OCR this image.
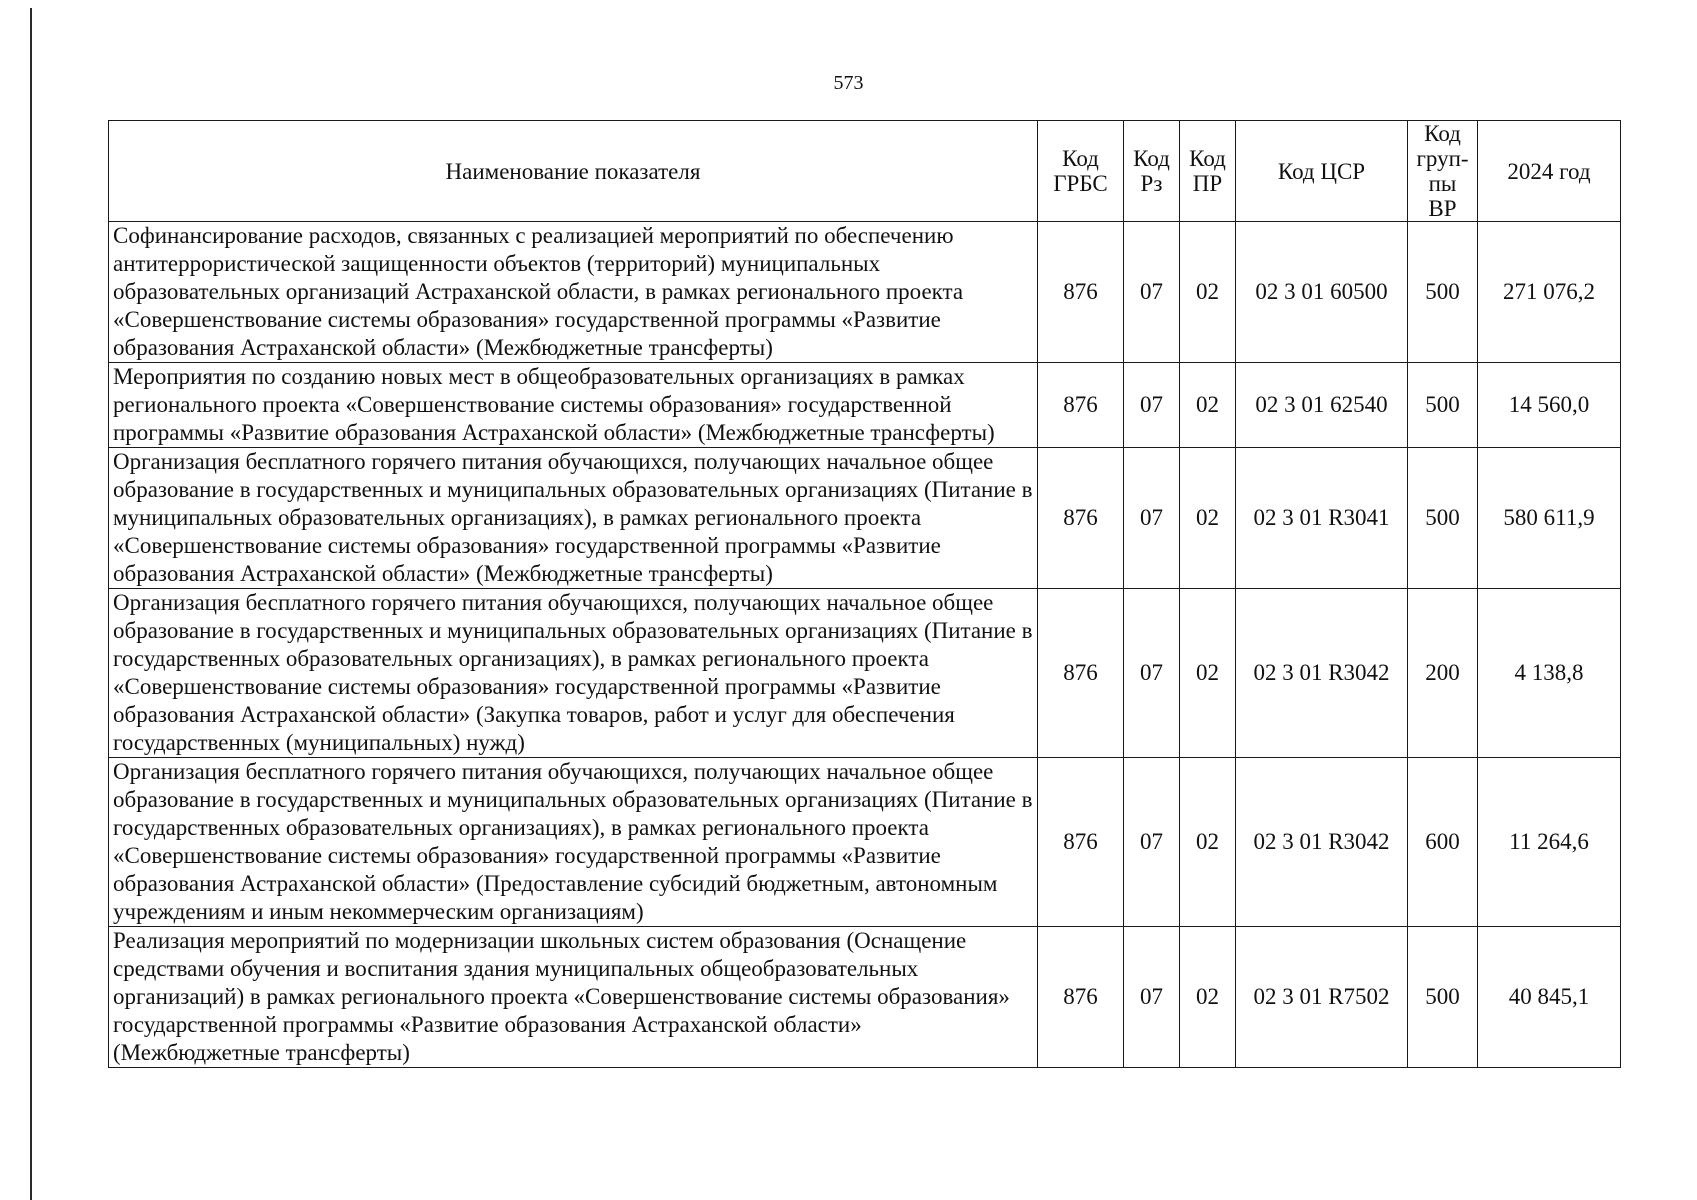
573
Наименование показателя	Код ГРБС	Код Рз	Код ПР	Код ЦСР	Код груп-пы ВР	2024 год
Софинансирование расходов, связанных с реализацией мероприятий по обеспечению антитеррористической защищенности объектов (территорий) муниципальных образовательных организаций Астраханской области, в рамках регионального проекта «Совершенствование системы образования» государственной программы «Развитие образования Астраханской области» (Межбюджетные трансферты)	876	07	02	02 3 01 60500	500	271 076,2
Мероприятия по созданию новых мест в общеобразовательных организациях в рамках регионального проекта «Совершенствование системы образования» государственной программы «Развитие образования Астраханской области» (Межбюджетные трансферты)	876	07	02	02 3 01 62540	500	14 560,0
Организация бесплатного горячего питания обучающихся, получающих начальное общее образование в государственных и муниципальных образовательных организациях (Питание в муниципальных образовательных организациях), в рамках регионального проекта «Совершенствование системы образования» государственной программы «Развитие образования Астраханской области» (Межбюджетные трансферты)	876	07	02	02 3 01 R3041	500	580 611,9
Организация бесплатного горячего питания обучающихся, получающих начальное общее образование в государственных и муниципальных образовательных организациях (Питание в государственных образовательных организациях), в рамках регионального проекта «Совершенствование системы образования» государственной программы «Развитие образования Астраханской области» (Закупка товаров, работ и услуг для обеспечения государственных (муниципальных) нужд)	876	07	02	02 3 01 R3042	200	4 138,8
Организация бесплатного горячего питания обучающихся, получающих начальное общее образование в государственных и муниципальных образовательных организациях (Питание в государственных образовательных организациях), в рамках регионального проекта «Совершенствование системы образования» государственной программы «Развитие образования Астраханской области» (Предоставление субсидий бюджетным, автономным учреждениям и иным некоммерческим организациям)	876	07	02	02 3 01 R3042	600	11 264,6
Реализация мероприятий по модернизации школьных систем образования (Оснащение средствами обучения и воспитания здания муниципальных общеобразовательных организаций) в рамках регионального проекта «Совершенствование системы образования» государственной программы «Развитие образования Астраханской области» (Межбюджетные трансферты)	876	07	02	02 3 01 R7502	500	40 845,1
